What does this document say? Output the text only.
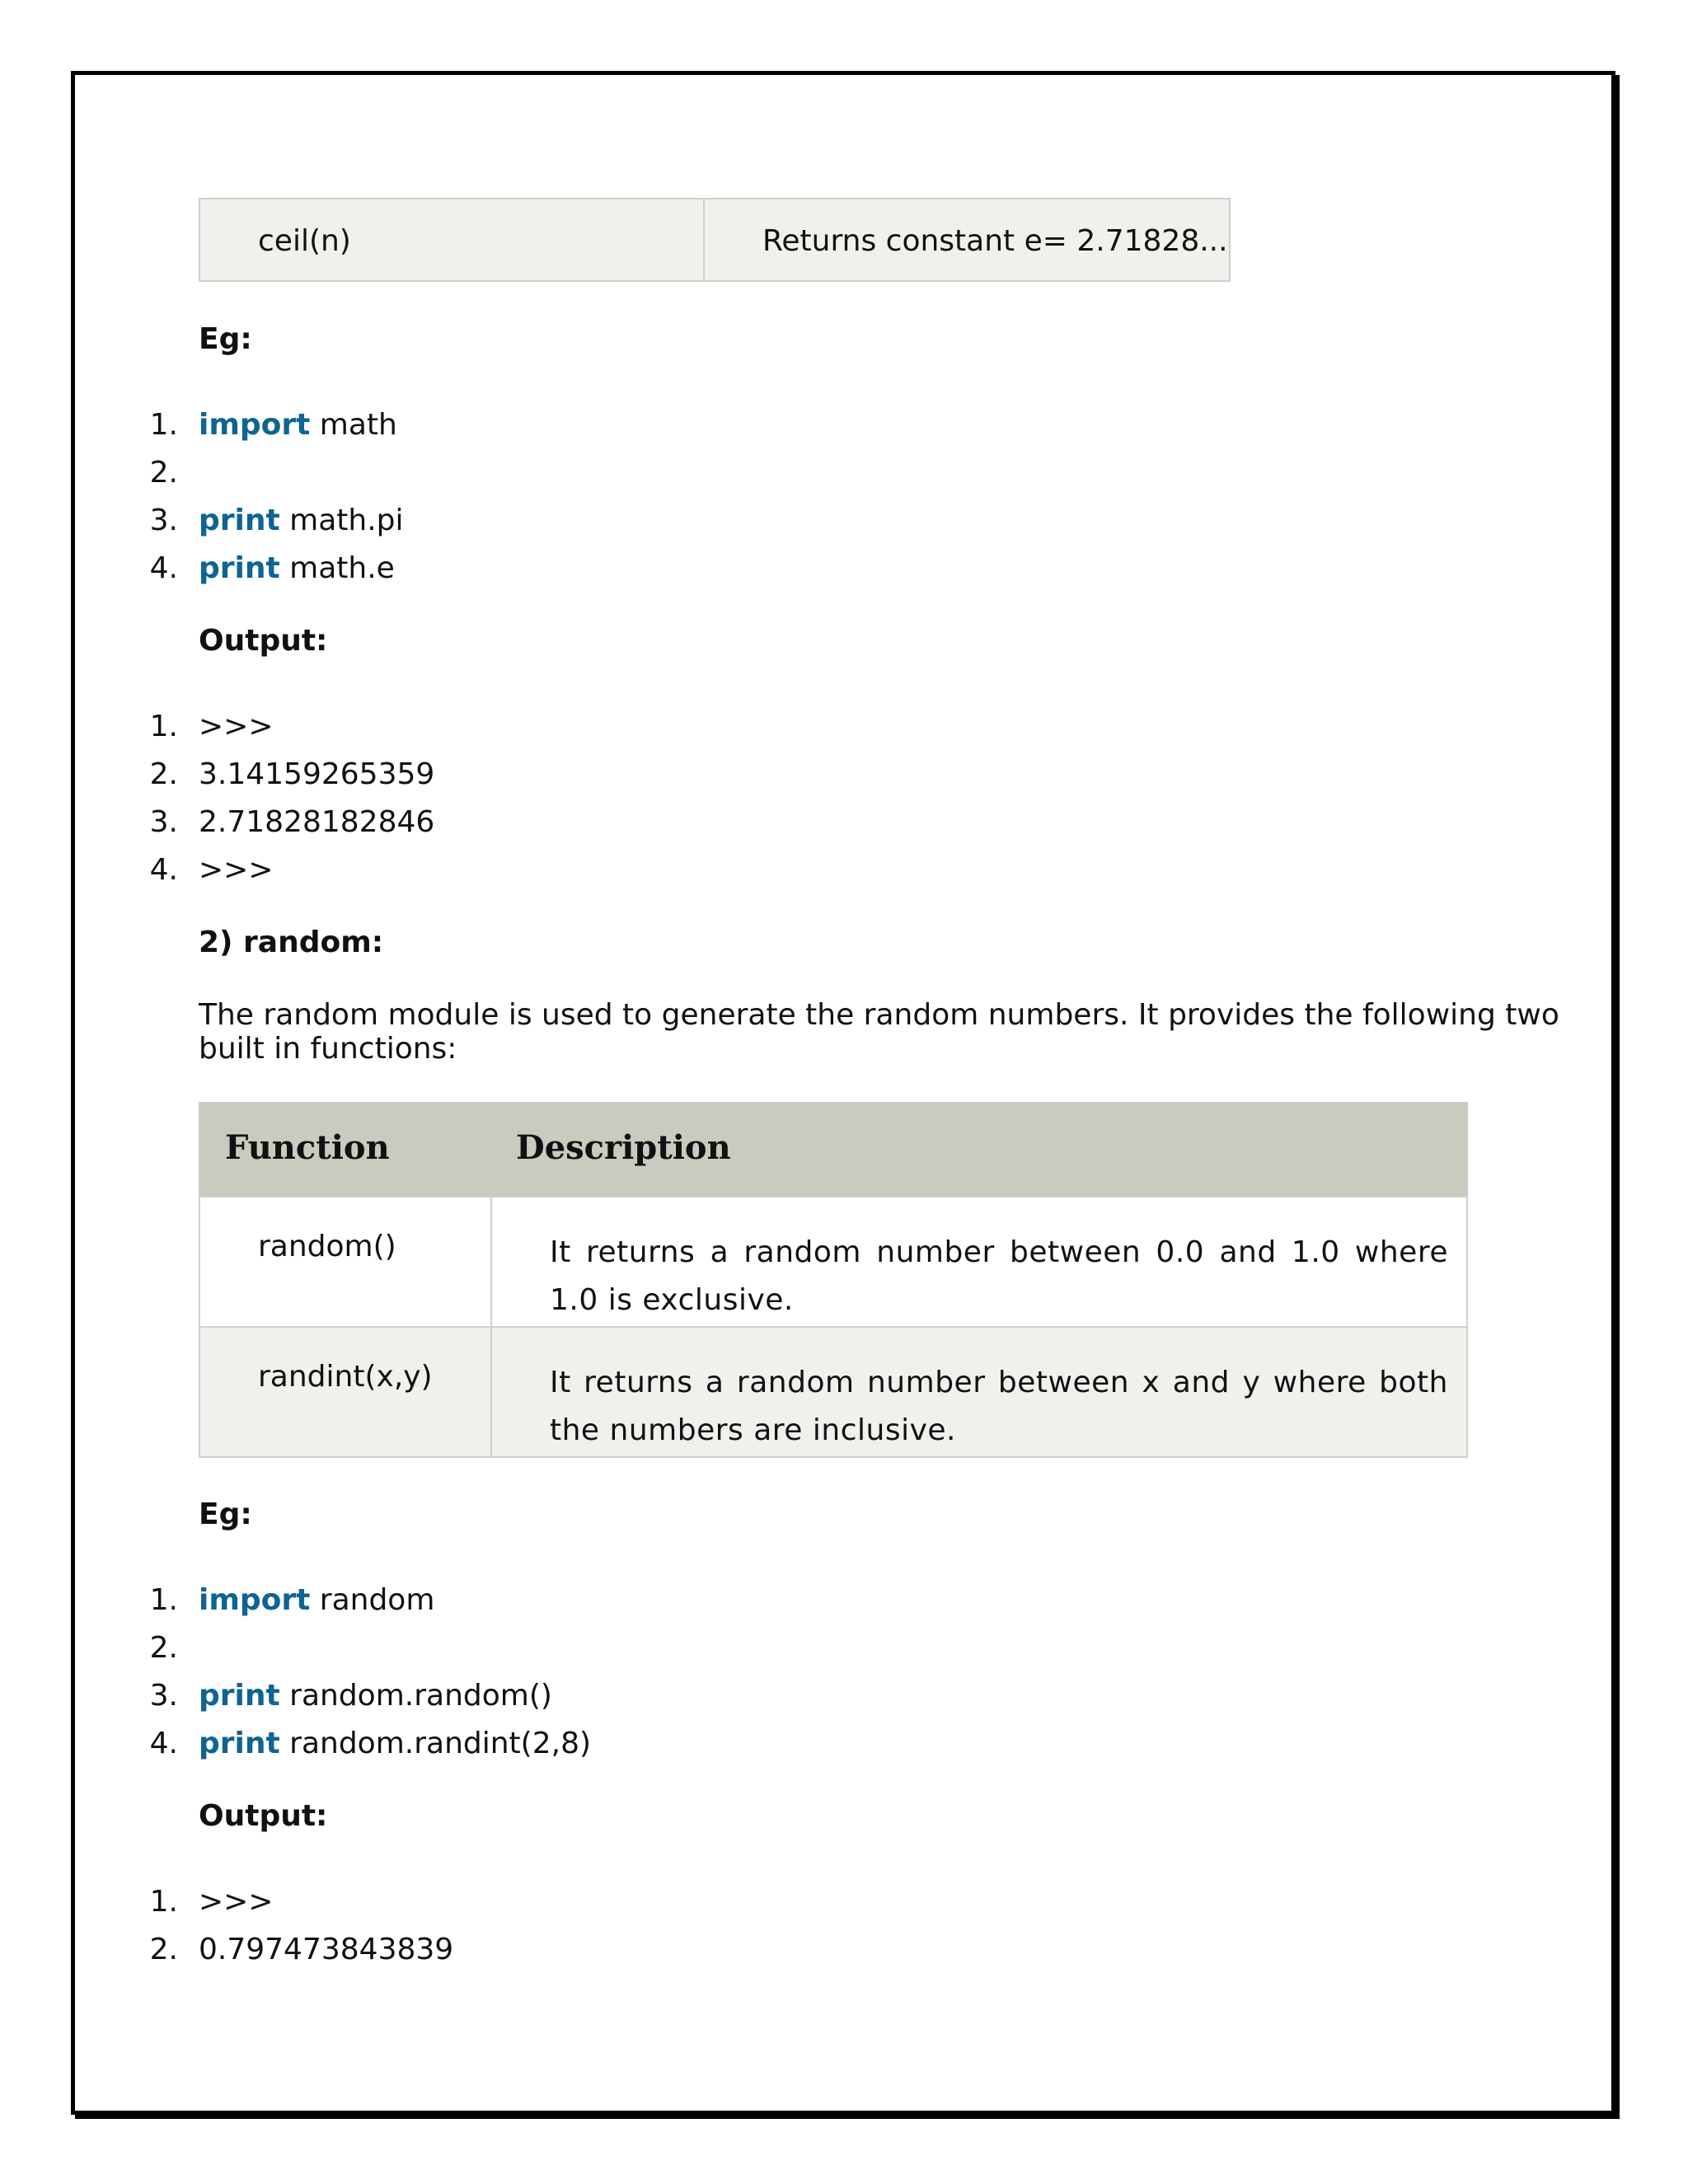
ceil(n)	Returns constant e= 2.71828...
Eg:
1. import math
2.
3. print math.pi
4. print math.e
Output:
1. >>>
2. 3.14159265359
3. 2.71828182846
4. >>>
2) random:
The random module is used to generate the random numbers. It provides the following two
built in functions:
Function	Description
random()	It returns a random number between 0.0 and 1.0 where 1.0 is exclusive.
randint(x,y)	It returns a random number between x and y where both the numbers are inclusive.
Eg:
1. import random
2.
3. print random.random()
4. print random.randint(2,8)
Output:
1. >>>
2. 0.797473843839
